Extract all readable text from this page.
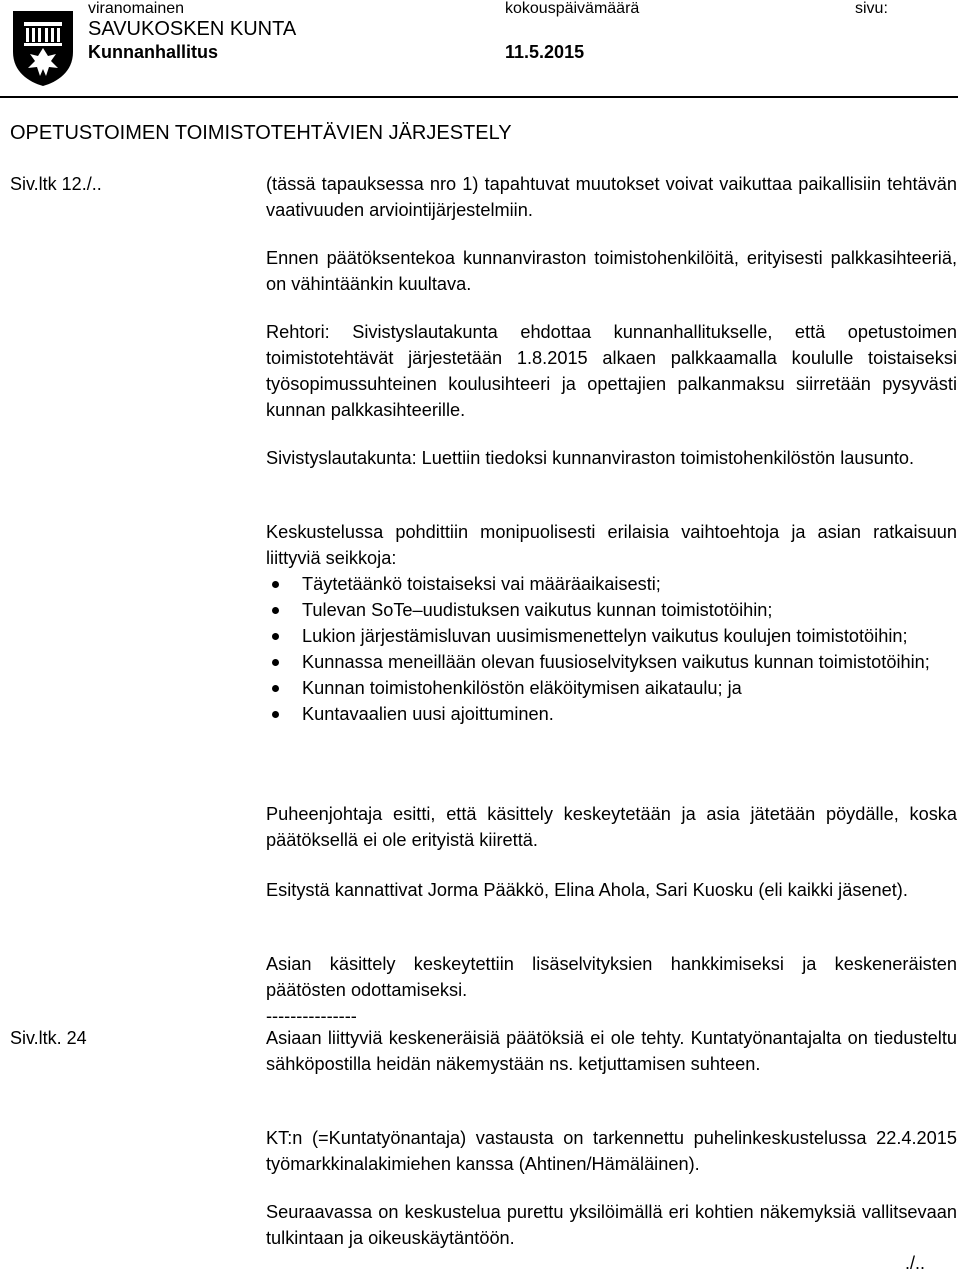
viranomainen	kokouspäivämäärä	sivu:
SAVUKOSKEN KUNTA
Kunnanhallitus	11.5.2015
OPETUSTOIMEN TOIMISTOTEHTÄVIEN JÄRJESTELY
Siv.ltk 12./..
Siv.ltk. 24

(tässä tapauksessa nro 1) tapahtuvat muutokset voivat vaikuttaa paikallisiin tehtävän vaativuuden arviointijärjestelmiin.

Ennen päätöksentekoa kunnanviraston toimistohenkilöitä, erityisesti palkkasihteeriä, on vähintäänkin kuultava.

Rehtori: Sivistyslautakunta ehdottaa kunnanhallitukselle, että opetustoimen toimistotehtävät järjestetään 1.8.2015 alkaen palkkaamalla koululle toistaiseksi työsopimussuhteinen koulusihteeri ja opettajien palkanmaksu siirretään pysyvästi kunnan palkkasihteerille.

Sivistyslautakunta: Luettiin tiedoksi kunnanviraston toimistohenkilöstön lausunto.

Keskustelussa pohdittiin monipuolisesti erilaisia vaihtoehtoja ja asian ratkaisuun liittyviä seikkoja:

Täytetäänkö toistaiseksi vai määräaikaisesti;
Tulevan SoTe–uudistuksen vaikutus kunnan toimistotöihin;
Lukion järjestämisluvan uusimismenettelyn vaikutus koulujen toimistotöihin;
Kunnassa meneillään olevan fuusioselvityksen vaikutus kunnan toimistotöihin;
Kunnan toimistohenkilöstön eläköitymisen aikataulu; ja
Kuntavaalien uusi ajoittuminen.

Puheenjohtaja esitti, että käsittely keskeytetään ja asia jätetään pöydälle, koska päätöksellä ei ole erityistä kiirettä.

Esitystä kannattivat Jorma Pääkkö, Elina Ahola, Sari Kuosku (eli kaikki jäsenet).

Asian käsittely keskeytettiin lisäselvityksien hankkimiseksi ja keskeneräisten päätösten odottamiseksi.

---------------

Asiaan liittyviä keskeneräisiä päätöksiä ei ole tehty. Kuntatyönantajalta on tiedusteltu sähköpostilla heidän näkemystään ns. ketjuttamisen suhteen.

KT:n (=Kuntatyönantaja) vastausta on tarkennettu puhelinkeskustelussa 22.4.2015 työmarkkinalakimiehen kanssa (Ahtinen/Hämäläinen).

Seuraavassa on keskustelua purettu yksilöimällä eri kohtien näkemyksiä vallitsevaan tulkintaan ja oikeuskäytäntöön.

./..
